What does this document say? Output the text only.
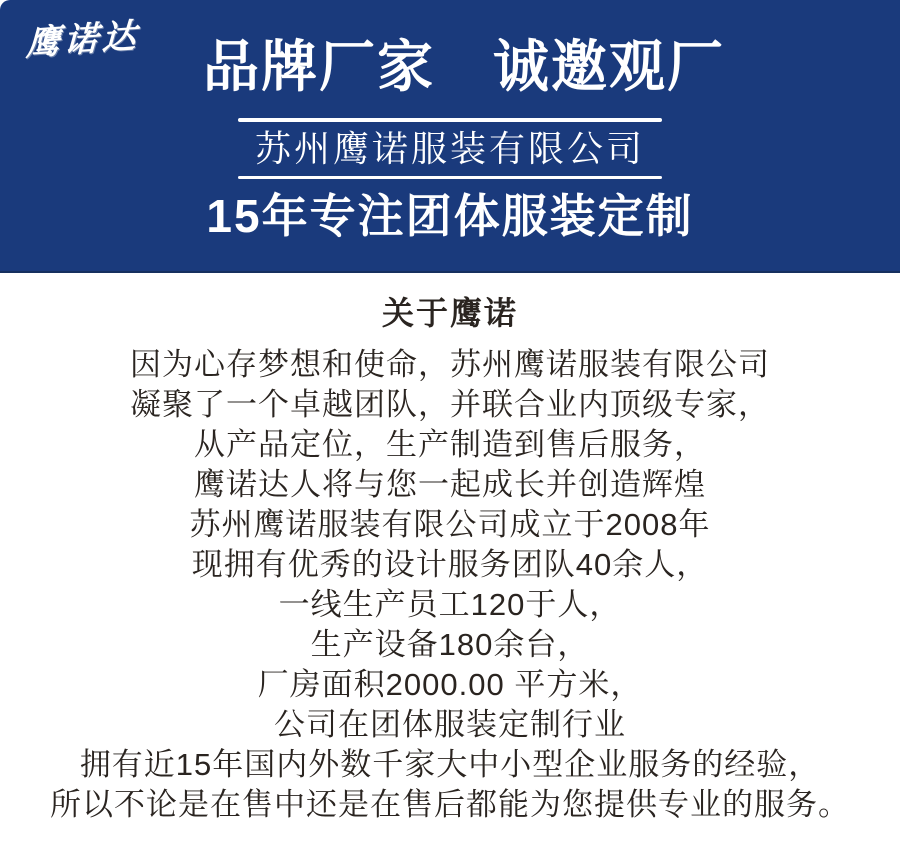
鹰诺达	品牌厂家　诚邀观厂
苏州鹰诺服装有限公司
15年专注团体服装定制
关于鹰诺
因为心存梦想和使命，苏州鹰诺服装有限公司
凝聚了一个卓越团队，并联合业内顶级专家，
从产品定位，生产制造到售后服务，
鹰诺达人将与您一起成长并创造辉煌
苏州鹰诺服装有限公司成立于2008年
现拥有优秀的设计服务团队40余人，
一线生产员工120于人，
生产设备180余台，
厂房面积2000.00 平方米，
公司在团体服装定制行业
拥有近15年国内外数千家大中小型企业服务的经验，
所以不论是在售中还是在售后都能为您提供专业的服务。
